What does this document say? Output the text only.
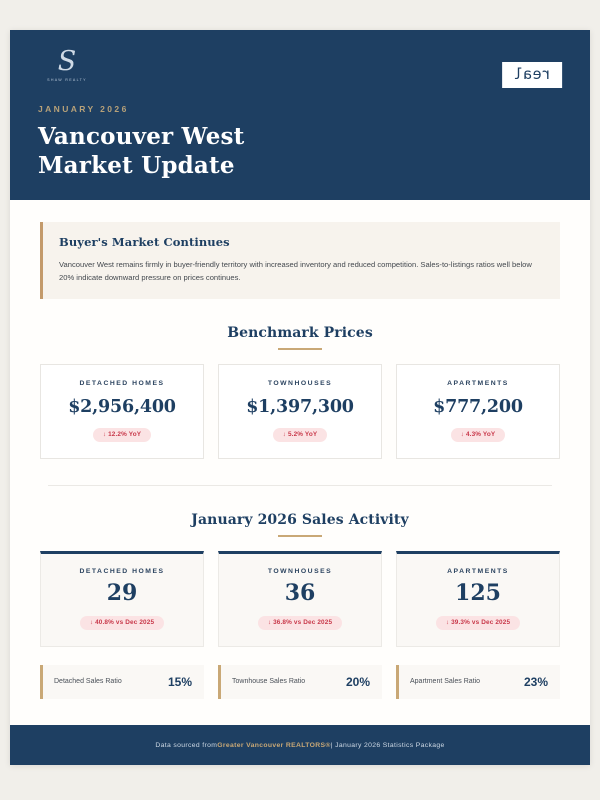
S
SHAW REALTY	real
JANUARY 2026
Vancouver West
Market Update
Buyer's Market Continues
Vancouver West remains firmly in buyer-friendly territory with increased inventory and reduced competition. Sales-to-listings ratios well below 20% indicate downward pressure on prices continues.
Benchmark Prices
DETACHED HOMES
$2,956,400
↓ 12.2% YoY
TOWNHOUSES
$1,397,300
↓ 5.2% YoY
APARTMENTS
$777,200
↓ 4.3% YoY
January 2026 Sales Activity
DETACHED HOMES
29
↓ 40.8% vs Dec 2025
TOWNHOUSES
36
↓ 36.8% vs Dec 2025
APARTMENTS
125
↓ 39.3% vs Dec 2025
Detached Sales Ratio	15%	Townhouse Sales Ratio	20%	Apartment Sales Ratio	23%
Data sourced from Greater Vancouver REALTORS® | January 2026 Statistics Package
